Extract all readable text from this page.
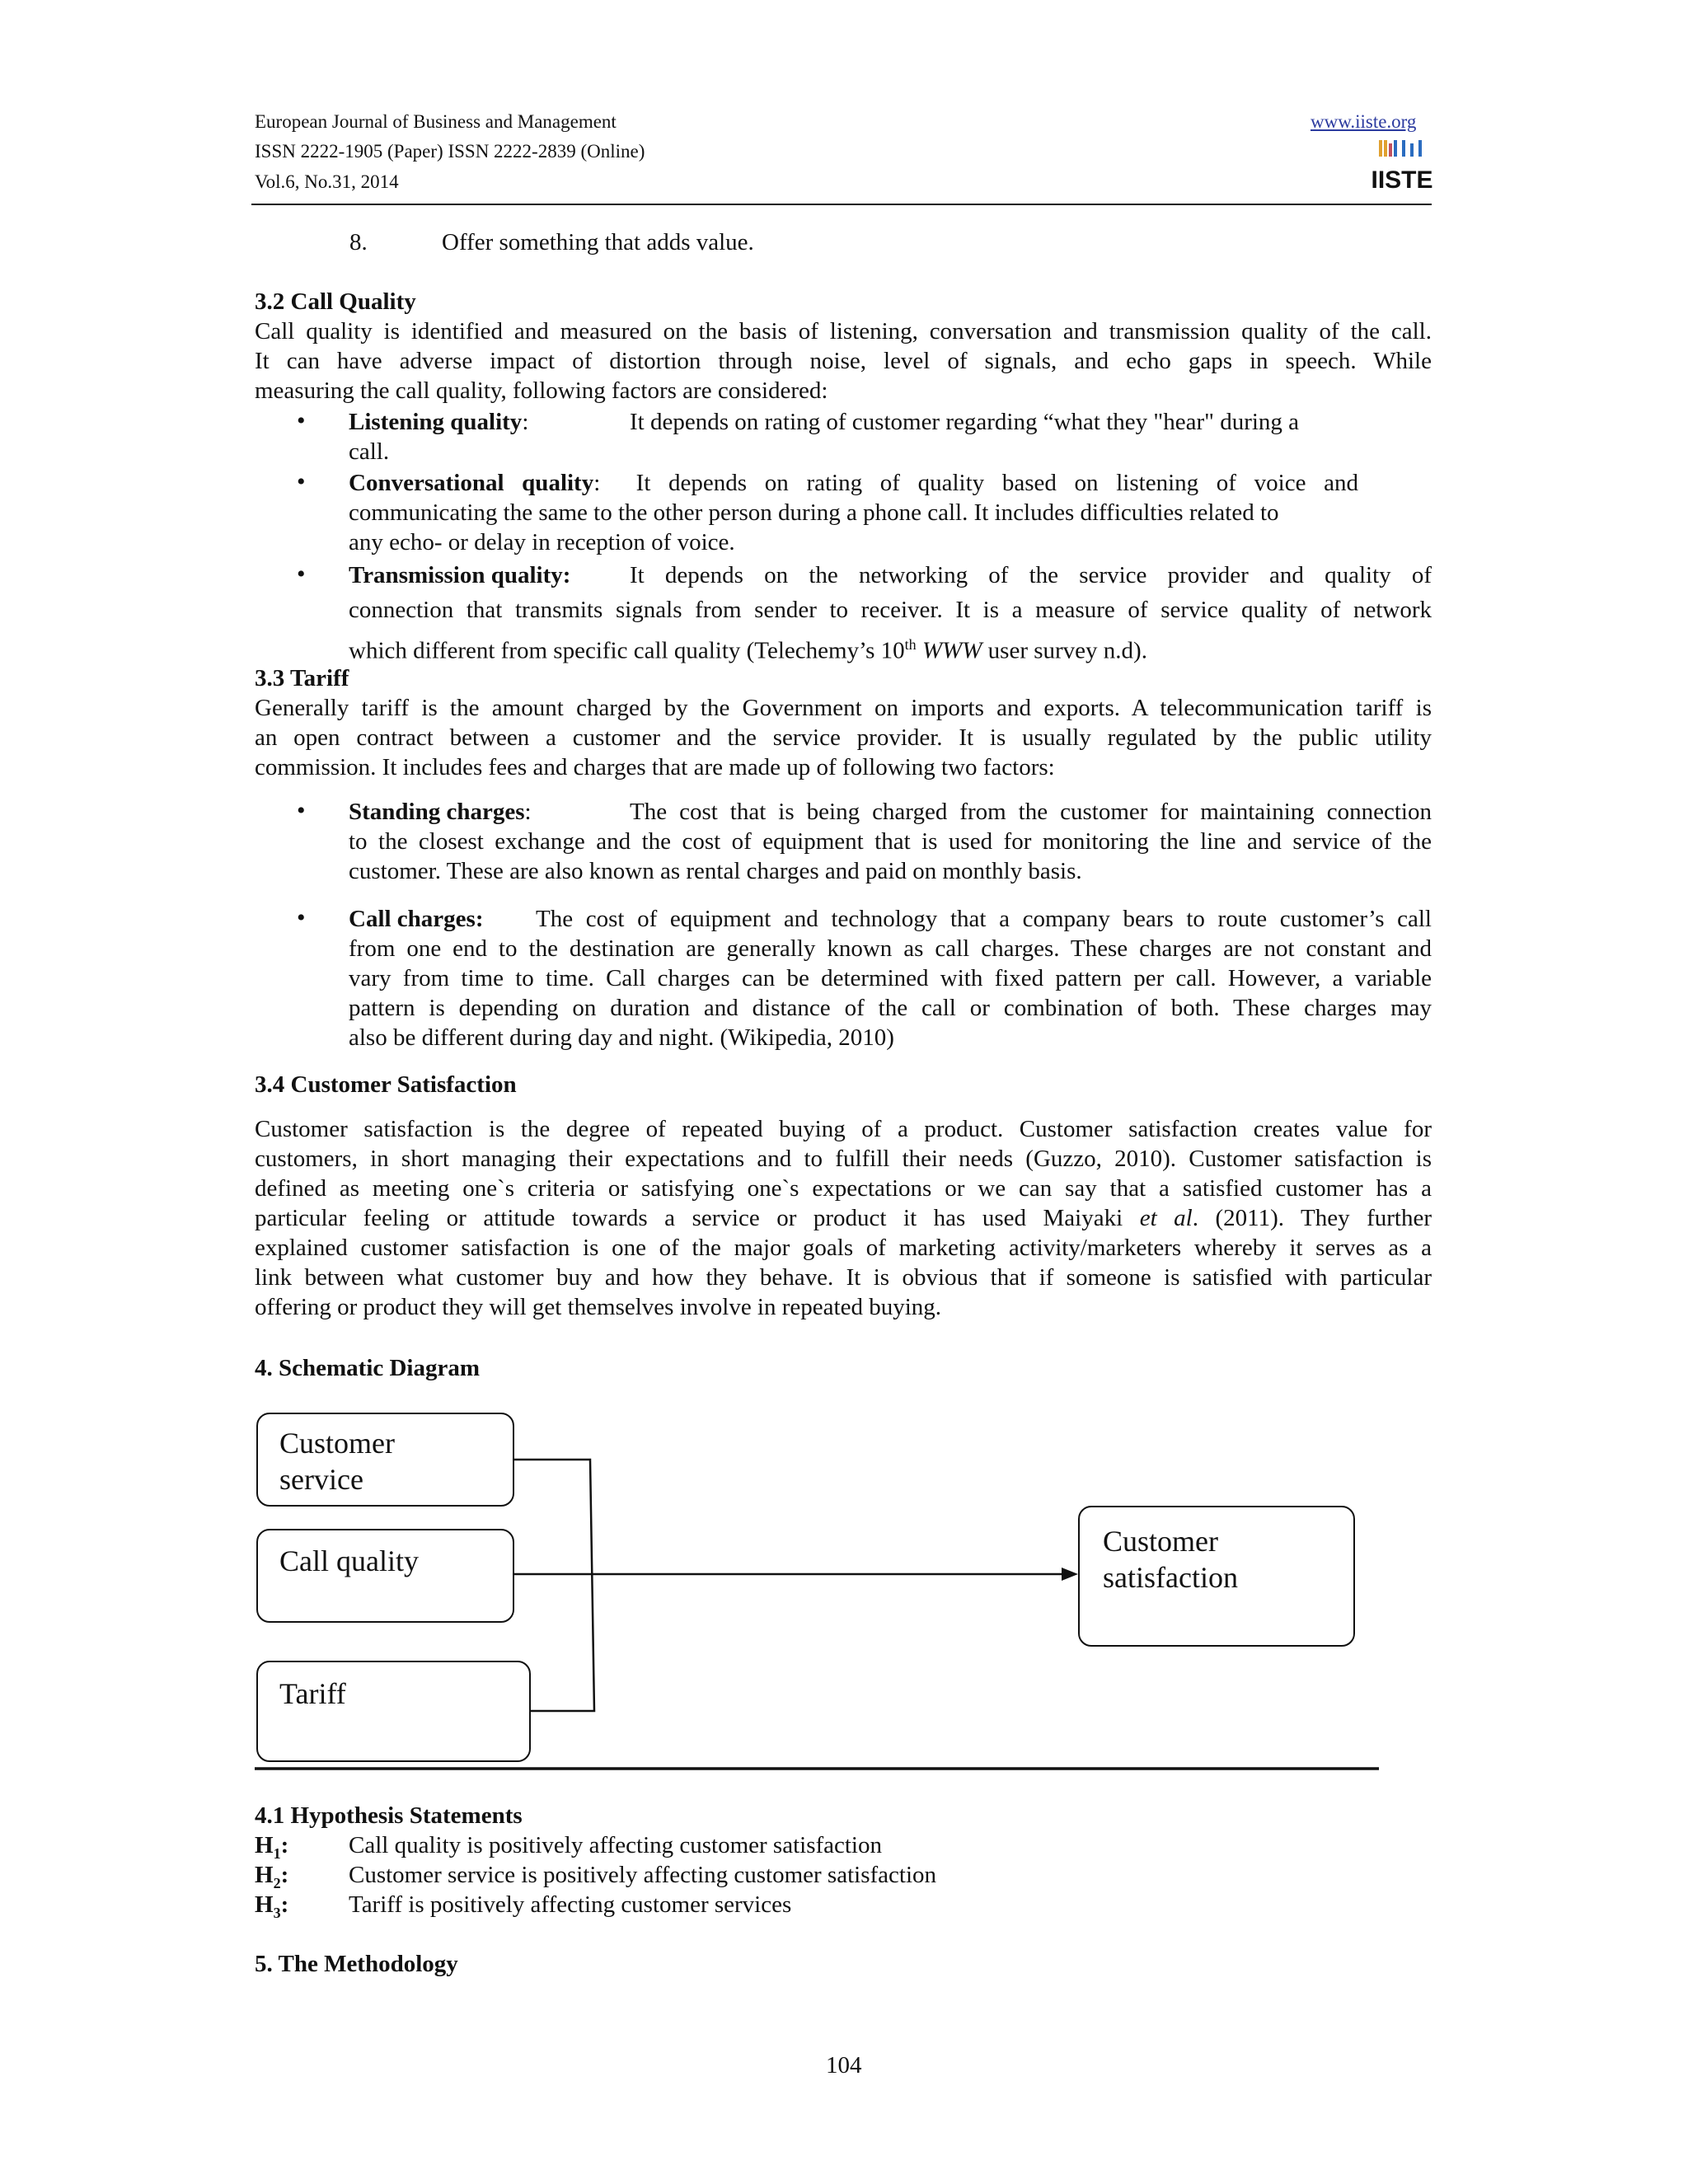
European Journal of Business and Management
ISSN 2222-1905 (Paper) ISSN 2222-2839 (Online)
Vol.6, No.31, 2014
www.iiste.org
IISTE
8.	Offer something that adds value.
3.2 Call Quality
Call quality is identified and measured on the basis of listening, conversation and transmission quality of the call.
It can have adverse impact of distortion through noise, level of signals, and echo gaps in speech. While
measuring the call quality, following factors are considered:
• Listening quality:	It depends on rating of customer regarding “what they "hear" during a
call.
• Conversational quality: It depends on rating of quality based on listening of voice and
communicating the same to the other person during a phone call. It includes difficulties related to
any echo- or delay in reception of voice.
• Transmission quality: It depends on the networking of the service provider and quality of
connection that transmits signals from sender to receiver. It is a measure of service quality of network
which different from specific call quality (Telechemy’s 10th WWW user survey n.d).
3.3 Tariff
Generally tariff is the amount charged by the Government on imports and exports. A telecommunication tariff is
an open contract between a customer and the service provider. It is usually regulated by the public utility
commission. It includes fees and charges that are made up of following two factors:
• Standing charges:	The cost that is being charged from the customer for maintaining connection
to the closest exchange and the cost of equipment that is used for monitoring the line and service of the
customer. These are also known as rental charges and paid on monthly basis.
• Call charges: The cost of equipment and technology that a company bears to route customer’s call
from one end to the destination are generally known as call charges. These charges are not constant and
vary from time to time. Call charges can be determined with fixed pattern per call. However, a variable
pattern is depending on duration and distance of the call or combination of both. These charges may
also be different during day and night. (Wikipedia, 2010)
3.4 Customer Satisfaction
Customer satisfaction is the degree of repeated buying of a product. Customer satisfaction creates value for
customers, in short managing their expectations and to fulfill their needs (Guzzo, 2010). Customer satisfaction is
defined as meeting one`s criteria or satisfying one`s expectations or we can say that a satisfied customer has a
particular feeling or attitude towards a service or product it has used Maiyaki et al. (2011). They further
explained customer satisfaction is one of the major goals of marketing activity/marketers whereby it serves as a
link between what customer buy and how they behave. It is obvious that if someone is satisfied with particular
offering or product they will get themselves involve in repeated buying.
4. Schematic Diagram
Customer
service
Call quality
Tariff
Customer
satisfaction
4.1 Hypothesis Statements
$H_1$:	Call quality is positively affecting customer satisfaction
$H_2$:	Customer service is positively affecting customer satisfaction
$H_3$:	Tariff is positively affecting customer services
5. The Methodology
104
